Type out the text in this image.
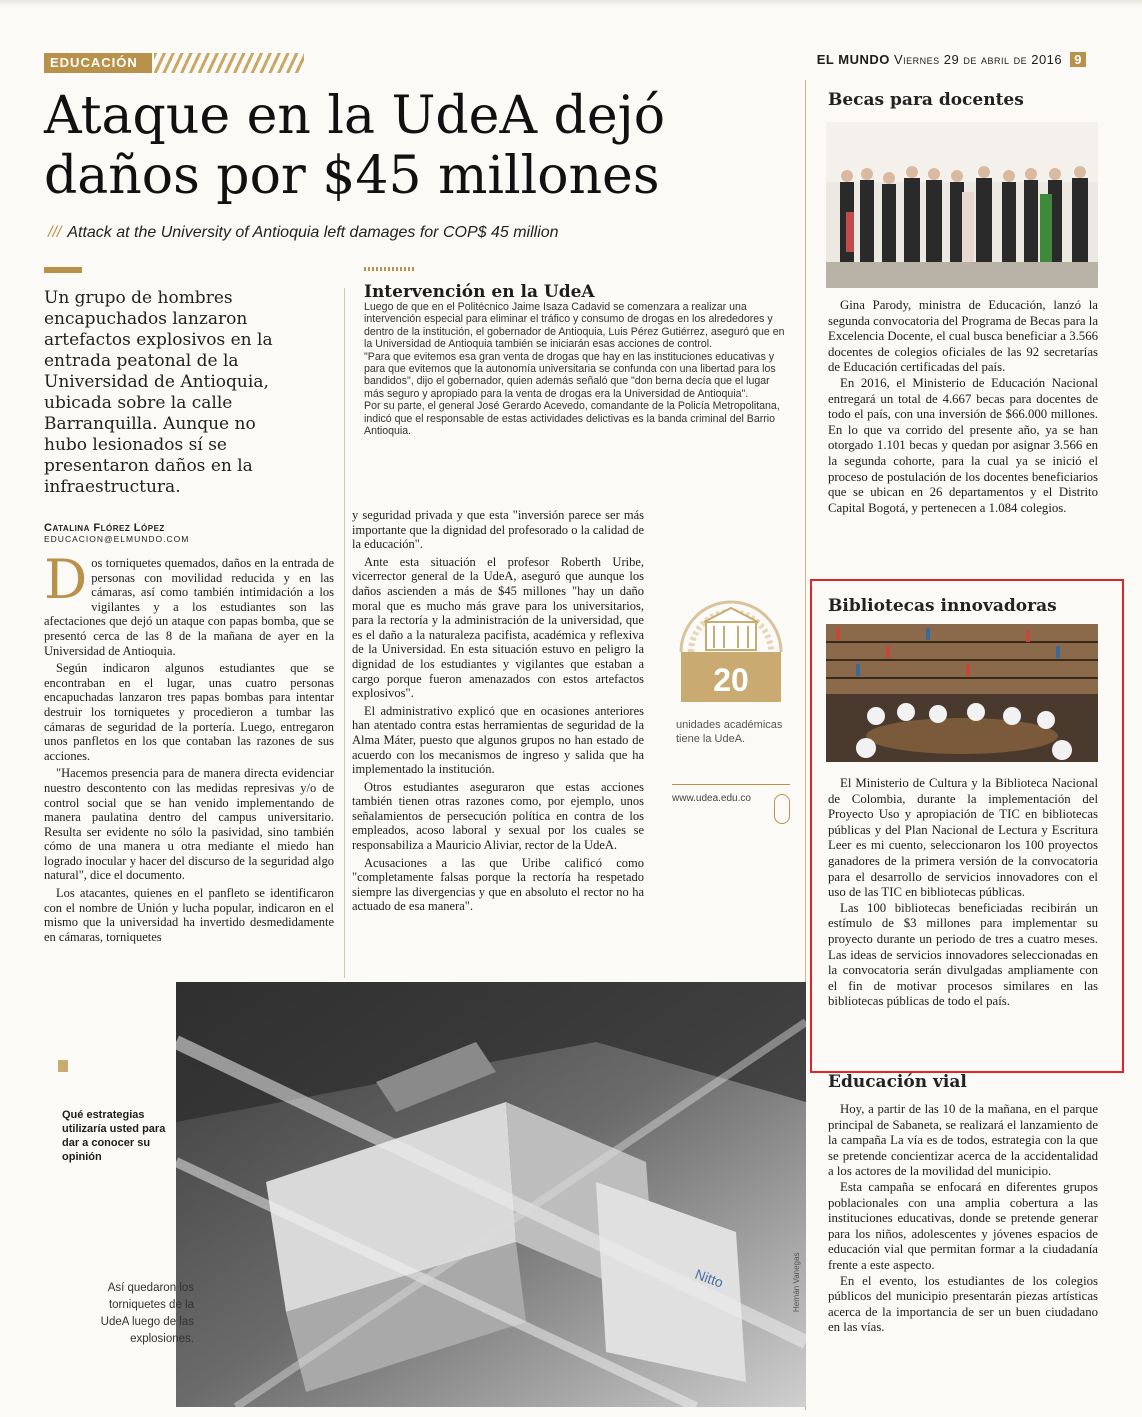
EDUCACIÓN	EL MUNDO Viernes 29 de abril de 2016 9
Ataque en la UdeA dejó daños por $45 millones
/// Attack at the University of Antioquia left damages for COP$ 45 million
Un grupo de hombres encapuchados lanzaron artefactos explosivos en la entrada peatonal de la Universidad de Antioquia, ubicada sobre la calle Barranquilla. Aunque no hubo lesionados sí se presentaron daños en la infraestructura.
Intervención en la UdeA

Luego de que en el Politécnico Jaime Isaza Cadavid se comenzara a realizar una intervención especial para eliminar el tráfico y consumo de drogas en los alrededores y dentro de la institución, el gobernador de Antioquia, Luis Pérez Gutiérrez, aseguró que en la Universidad de Antioquia también se iniciarán esas acciones de control.

"Para que evitemos esa gran venta de drogas que hay en las instituciones educativas y para que evitemos que la autonomía universitaria se confunda con una libertad para los bandidos", dijo el gobernador, quien además señaló que "don berna decía que el lugar más seguro y apropiado para la venta de drogas era la Universidad de Antioquia".

Por su parte, el general José Gerardo Acevedo, comandante de la Policía Metropolitana, indicó que el responsable de estas actividades delictivas es la banda criminal del Barrio Antioquia.

Catalina Flórez López
EDUCACION@ELMUNDO.COM

Dos torniquetes quemados, daños en la entrada de personas con movilidad reducida y en las cámaras, así como también intimidación a los vigilantes y a los estudiantes son las afectaciones que dejó un ataque con papas bomba, que se presentó cerca de las 8 de la mañana de ayer en la Universidad de Antioquia.

Según indicaron algunos estudiantes que se encontraban en el lugar, unas cuatro personas encapuchadas lanzaron tres papas bombas para intentar destruir los torniquetes y procedieron a tumbar las cámaras de seguridad de la portería. Luego, entregaron unos panfletos en los que contaban las razones de sus acciones.

"Hacemos presencia para de manera directa evidenciar nuestro descontento con las medidas represivas y/o de control social que se han venido implementando de manera paulatina dentro del campus universitario. Resulta ser evidente no sólo la pasividad, sino también cómo de una manera u otra mediante el miedo han logrado inocular y hacer del discurso de la seguridad algo natural", dice el documento.

Los atacantes, quienes en el panfleto se identificaron con el nombre de Unión y lucha popular, indicaron en el mismo que la universidad ha invertido desmedidamente en cámaras, torniquetes

y seguridad privada y que esta "inversión parece ser más importante que la dignidad del profesorado o la calidad de la educación".

Ante esta situación el profesor Roberth Uribe, vicerrector general de la UdeA, aseguró que aunque los daños ascienden a más de $45 millones "hay un daño moral que es mucho más grave para los universitarios, para la rectoría y la administración de la universidad, que es el daño a la naturaleza pacifista, académica y reflexiva de la Universidad. En esta situación estuvo en peligro la dignidad de los estudiantes y vigilantes que estaban a cargo porque fueron amenazados con estos artefactos explosivos".

El administrativo explicó que en ocasiones anteriores han atentado contra estas herramientas de seguridad de la Alma Máter, puesto que algunos grupos no han estado de acuerdo con los mecanismos de ingreso y salida que ha implementado la institución.

Otros estudiantes aseguraron que estas acciones también tienen otras razones como, por ejemplo, unos señalamientos de persecución política en contra de los empleados, acoso laboral y sexual por los cuales se responsabiliza a Mauricio Aliviar, rector de la UdeA.

Acusaciones a las que Uribe calificó como "completamente falsas porque la rectoría ha respetado siempre las divergencias y que en absoluto el rector no ha actuado de esa manera".

20
unidades académicas tiene la UdeA.
www.udea.edu.co
Nitto
Qué estrategias utilizaría usted para dar a conocer su opinión
Así quedaron los torniquetes de la UdeA luego de las explosiones.
Hernán Vanegas
Becas para docentes

Gina Parody, ministra de Educación, lanzó la segunda convocatoria del Programa de Becas para la Excelencia Docente, el cual busca beneficiar a 3.566 docentes de colegios oficiales de las 92 secretarías de Educación certificadas del país.

En 2016, el Ministerio de Educación Nacional entregará un total de 4.667 becas para docentes de todo el país, con una inversión de $66.000 millones. En lo que va corrido del presente año, ya se han otorgado 1.101 becas y quedan por asignar 3.566 en la segunda cohorte, para la cual ya se inició el proceso de postulación de los docentes beneficiarios que se ubican en 26 departamentos y el Distrito Capital Bogotá, y pertenecen a 1.084 colegios.

Bibliotecas innovadoras

El Ministerio de Cultura y la Biblioteca Nacional de Colombia, durante la implementación del Proyecto Uso y apropiación de TIC en bibliotecas públicas y del Plan Nacional de Lectura y Escritura Leer es mi cuento, seleccionaron los 100 proyectos ganadores de la primera versión de la convocatoria para el desarrollo de servicios innovadores con el uso de las TIC en bibliotecas públicas.

Las 100 bibliotecas beneficiadas recibirán un estímulo de $3 millones para implementar su proyecto durante un periodo de tres a cuatro meses. Las ideas de servicios innovadores seleccionadas en la convocatoria serán divulgadas ampliamente con el fin de motivar procesos similares en las bibliotecas públicas de todo el país.

Educación vial

Hoy, a partir de las 10 de la mañana, en el parque principal de Sabaneta, se realizará el lanzamiento de la campaña La vía es de todos, estrategia con la que se pretende concientizar acerca de la accidentalidad a los actores de la movilidad del municipio.

Esta campaña se enfocará en diferentes grupos poblacionales con una amplia cobertura a las instituciones educativas, donde se pretende generar para los niños, adolescentes y jóvenes espacios de educación vial que permitan formar a la ciudadanía frente a este aspecto.

En el evento, los estudiantes de los colegios públicos del municipio presentarán piezas artísticas acerca de la importancia de ser un buen ciudadano en las vías.
